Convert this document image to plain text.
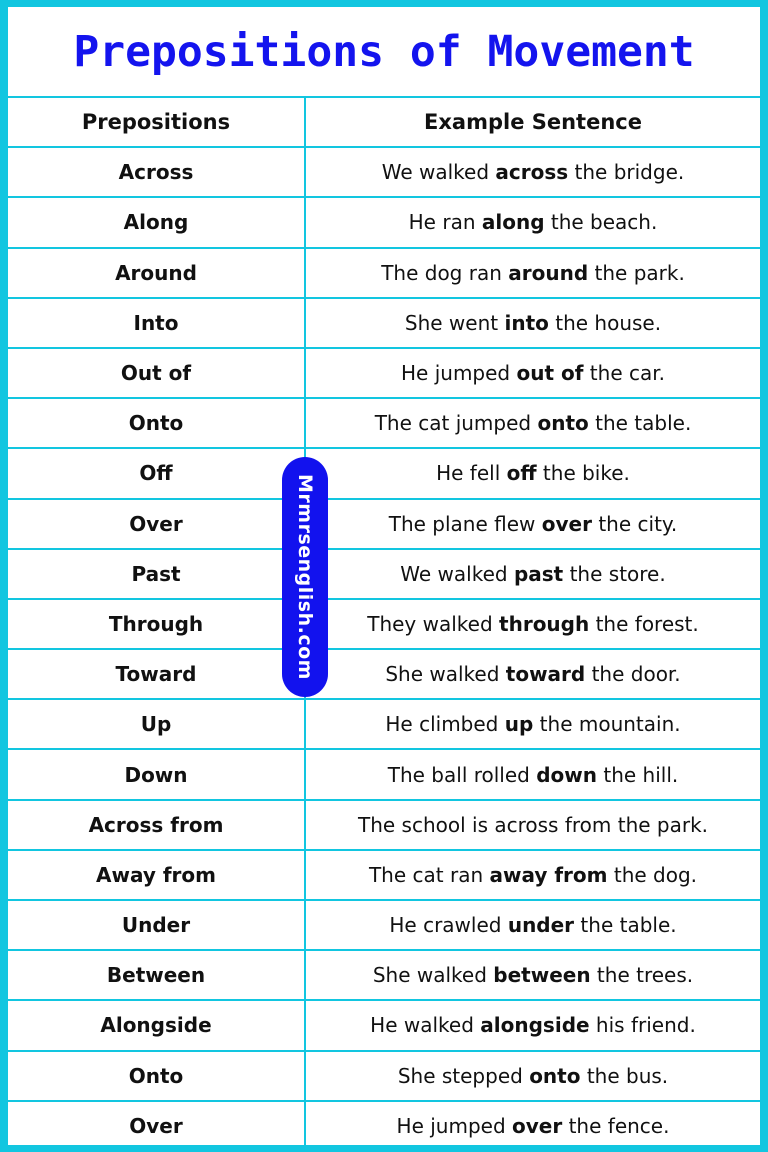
Prepositions of Movement
Prepositions	Example Sentence
Across	We walked across the bridge.
Along	He ran along the beach.
Around	The dog ran around the park.
Into	She went into the house.
Out of	He jumped out of the car.
Onto	The cat jumped onto the table.
Off	He fell off the bike.
Over	The plane flew over the city.
Past	We walked past the store.
Through	They walked through the forest.
Toward	She walked toward the door.
Up	He climbed up the mountain.
Down	The ball rolled down the hill.
Across from	The school is across from the park.
Away from	The cat ran away from the dog.
Under	He crawled under the table.
Between	She walked between the trees.
Alongside	He walked alongside his friend.
Onto	She stepped onto the bus.
Over	He jumped over the fence.
Mrmrsenglish.com
